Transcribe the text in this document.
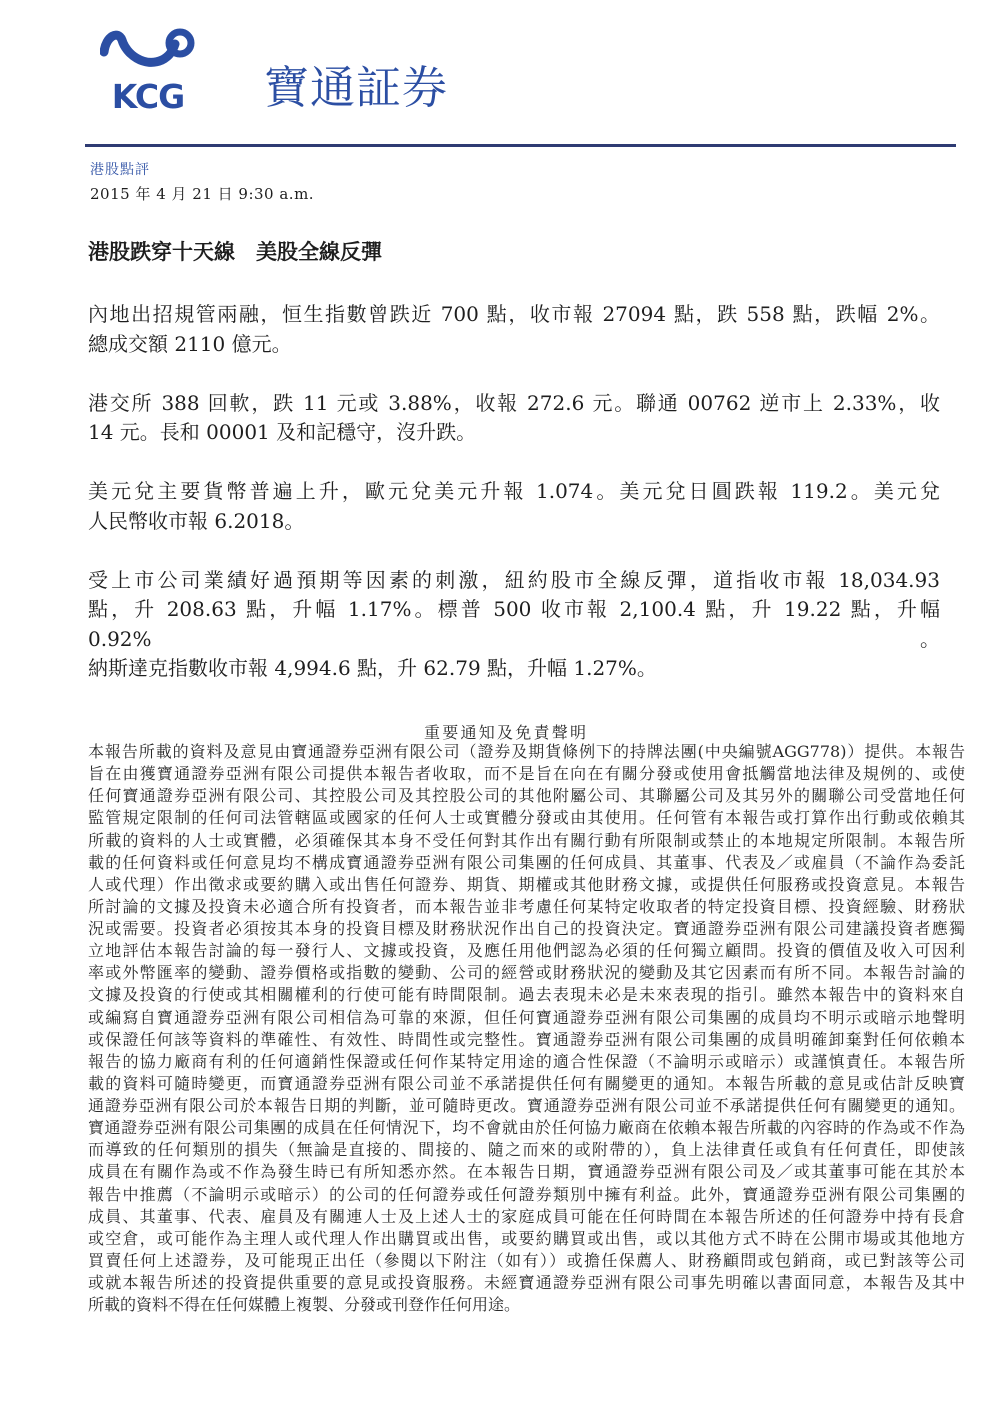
KCG 寶通証券
港股點評
2015 年 4 月 21 日 9:30 a.m.
港股跌穿十天線　美股全線反彈
內地出招規管兩融，恒生指數曾跌近 700 點，收市報 27094 點，跌 558 點，跌幅 2%。
總成交額 2110 億元。
港交所 388 回軟，跌 11 元或 3.88%，收報 272.6 元。聯通 00762 逆市上 2.33%，收
14 元。長和 00001 及和記穩守，沒升跌。
美元兌主要貨幣普遍上升，歐元兌美元升報 1.074。美元兌日圓跌報 119.2。美元兌
人民幣收市報 6.2018。
受上市公司業績好過預期等因素的刺激，紐約股市全線反彈，道指收市報 18,034.93
點，升 208.63 點，升幅 1.17%。標普 500 收市報 2,100.4 點，升 19.22 點，升幅 0.92%。
納斯達克指數收市報 4,994.6 點，升 62.79 點，升幅 1.27%。
重要通知及免責聲明
本報告所載的資料及意見由寶通證券亞洲有限公司（證券及期貨條例下的持牌法團(中央編號AGG778)）提供。本報告
旨在由獲寶通證券亞洲有限公司提供本報告者收取，而不是旨在向在有關分發或使用會抵觸當地法律及規例的、或使
任何寶通證券亞洲有限公司、其控股公司及其控股公司的其他附屬公司、其聯屬公司及其另外的關聯公司受當地任何
監管規定限制的任何司法管轄區或國家的任何人士或實體分發或由其使用。任何管有本報告或打算作出行動或依賴其
所載的資料的人士或實體，必須確保其本身不受任何對其作出有關行動有所限制或禁止的本地規定所限制。本報告所
載的任何資料或任何意見均不構成寶通證券亞洲有限公司集團的任何成員、其董事、代表及／或雇員（不論作為委託
人或代理）作出徵求或要約購入或出售任何證券、期貨、期權或其他財務文據，或提供任何服務或投資意見。本報告
所討論的文據及投資未必適合所有投資者，而本報告並非考慮任何某特定收取者的特定投資目標、投資經驗、財務狀
況或需要。投資者必須按其本身的投資目標及財務狀況作出自己的投資決定。寶通證券亞洲有限公司建議投資者應獨
立地評估本報告討論的每一發行人、文據或投資，及應任用他們認為必須的任何獨立顧問。投資的價值及收入可因利
率或外幣匯率的變動、證券價格或指數的變動、公司的經營或財務狀況的變動及其它因素而有所不同。本報告討論的
文據及投資的行使或其相關權利的行使可能有時間限制。過去表現未必是未來表現的指引。雖然本報告中的資料來自
或編寫自寶通證券亞洲有限公司相信為可靠的來源，但任何寶通證券亞洲有限公司集團的成員均不明示或暗示地聲明
或保證任何該等資料的準確性、有效性、時間性或完整性。寶通證券亞洲有限公司集團的成員明確卸棄對任何依賴本
報告的協力廠商有利的任何適銷性保證或任何作某特定用途的適合性保證（不論明示或暗示）或謹慎責任。本報告所
載的資料可隨時變更，而寶通證券亞洲有限公司並不承諾提供任何有關變更的通知。本報告所載的意見或估計反映寶
通證券亞洲有限公司於本報告日期的判斷，並可隨時更改。寶通證券亞洲有限公司並不承諾提供任何有關變更的通知。
寶通證券亞洲有限公司集團的成員在任何情況下，均不會就由於任何協力廠商在依賴本報告所載的內容時的作為或不作為
而導致的任何類別的損失（無論是直接的、間接的、隨之而來的或附帶的），負上法律責任或負有任何責任，即使該
成員在有關作為或不作為發生時已有所知悉亦然。在本報告日期，寶通證券亞洲有限公司及／或其董事可能在其於本
報告中推薦（不論明示或暗示）的公司的任何證券或任何證券類別中擁有利益。此外，寶通證券亞洲有限公司集團的
成員、其董事、代表、雇員及有關連人士及上述人士的家庭成員可能在任何時間在本報告所述的任何證券中持有長倉
或空倉，或可能作為主理人或代理人作出購買或出售，或要約購買或出售，或以其他方式不時在公開市場或其他地方
買賣任何上述證券，及可能現正出任（參閱以下附注（如有））或擔任保薦人、財務顧問或包銷商，或已對該等公司
或就本報告所述的投資提供重要的意見或投資服務。未經寶通證券亞洲有限公司事先明確以書面同意，本報告及其中
所載的資料不得在任何媒體上複製、分發或刊登作任何用途。
